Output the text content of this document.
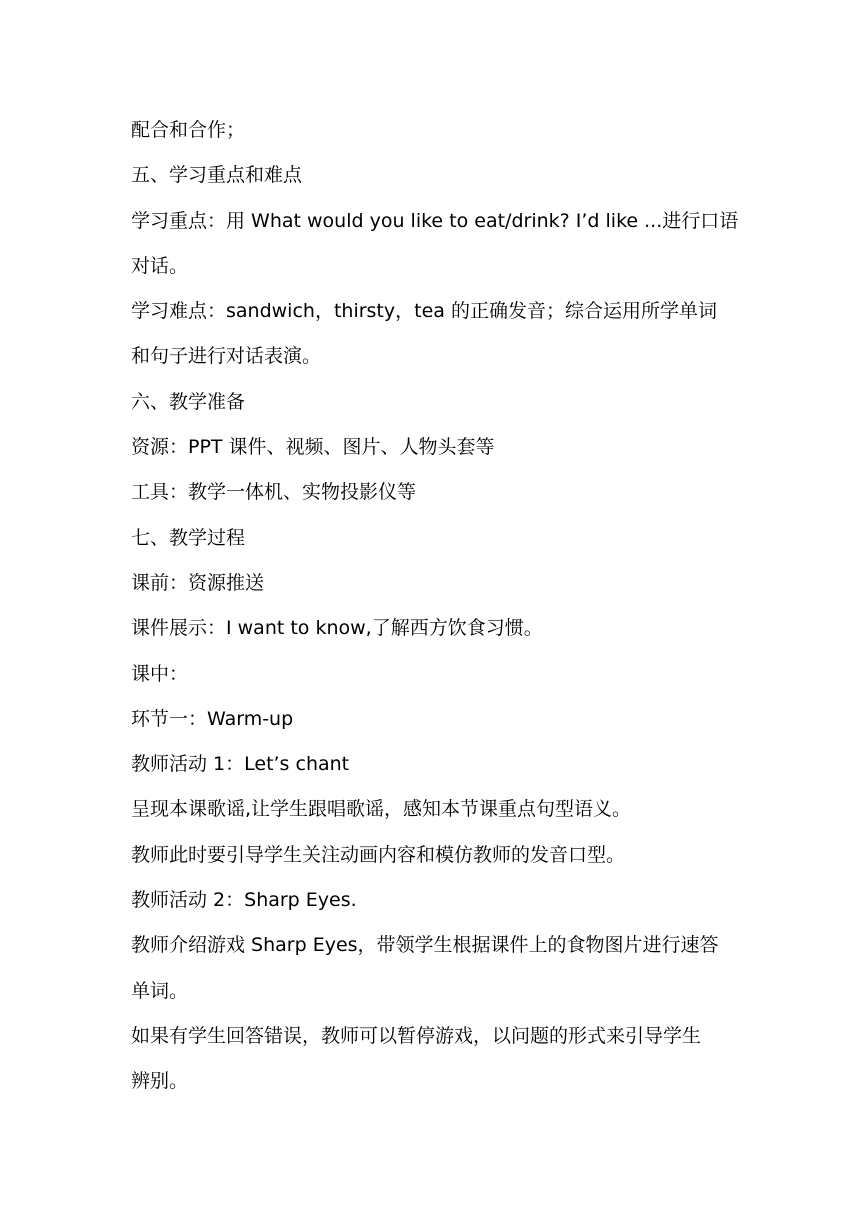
配合和合作；

五、学习重点和难点

学习重点：用 What would you like to eat/drink? I’d like ...进行口语

对话。

学习难点：sandwich，thirsty，tea 的正确发音；综合运用所学单词

和句子进行对话表演。

六、教学准备

资源：PPT 课件、视频、图片、人物头套等

工具：教学一体机、实物投影仪等

七、教学过程

课前：资源推送

课件展示：I want to know,了解西方饮食习惯。

课中：

环节一：Warm-up

教师活动 1：Let’s chant

呈现本课歌谣,让学生跟唱歌谣，感知本节课重点句型语义。

教师此时要引导学生关注动画内容和模仿教师的发音口型。

教师活动 2：Sharp Eyes.

教师介绍游戏 Sharp Eyes，带领学生根据课件上的食物图片进行速答

单词。

如果有学生回答错误，教师可以暂停游戏，以问题的形式来引导学生

辨别。
